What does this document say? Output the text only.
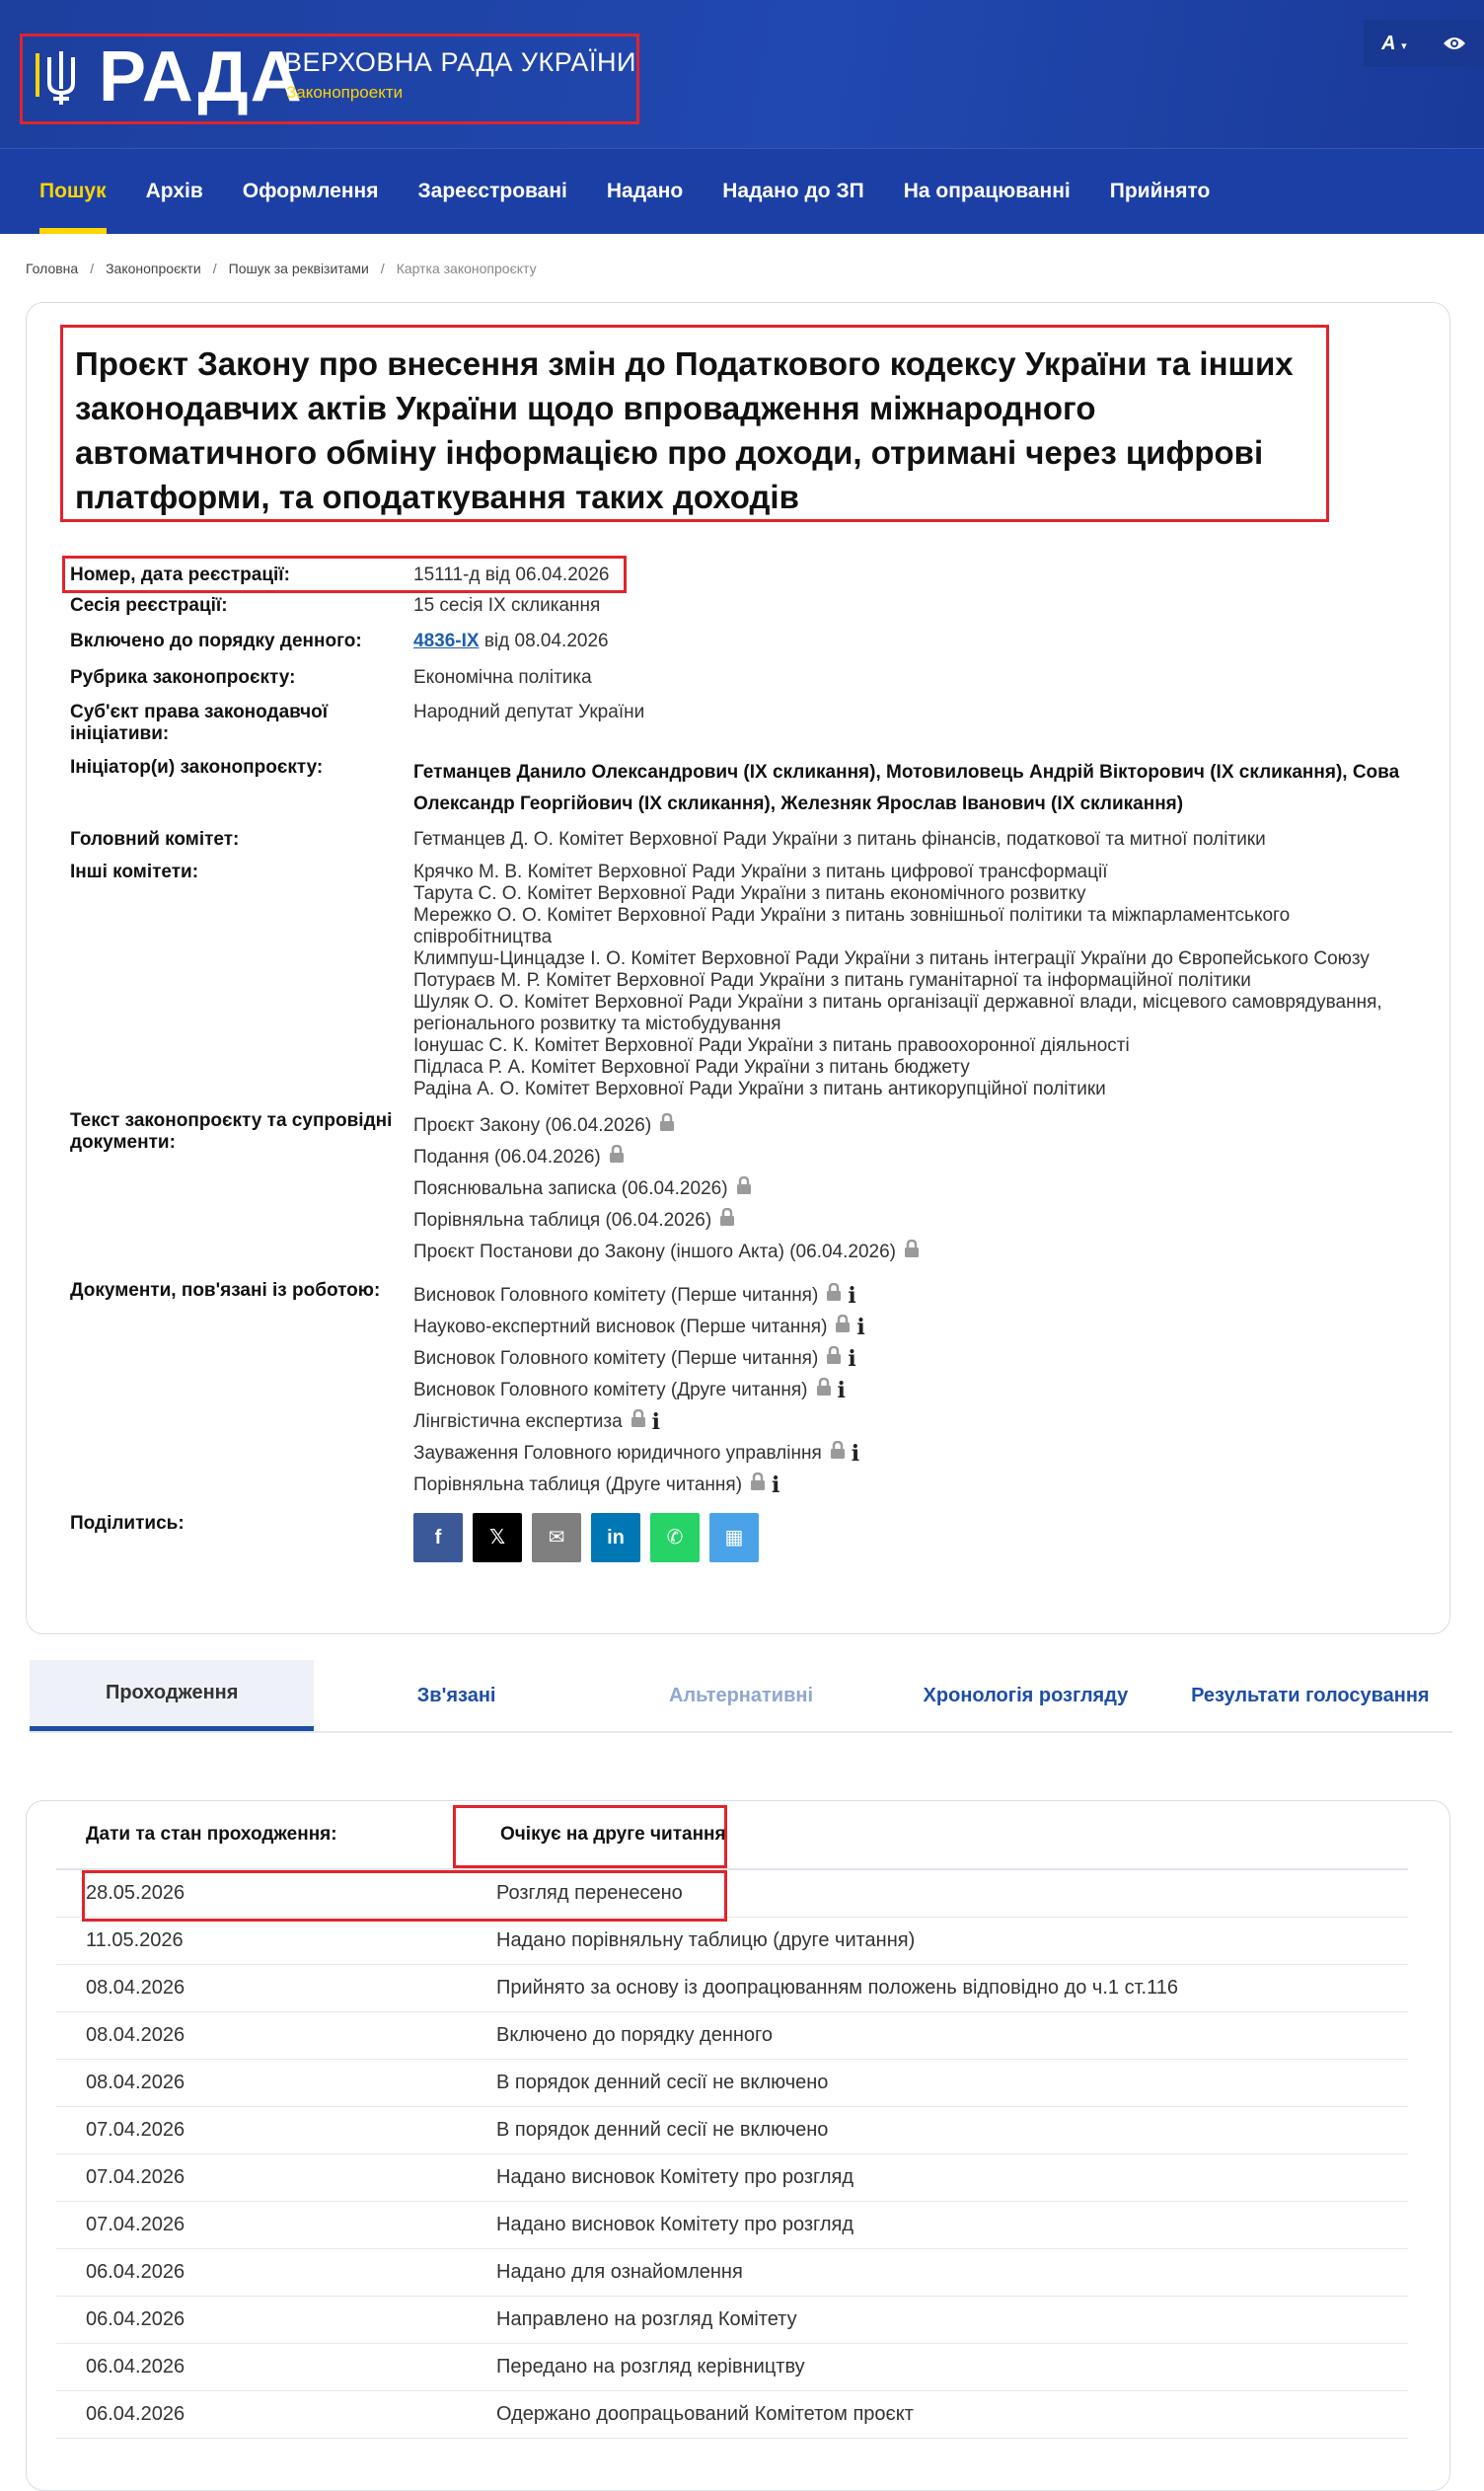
РАДА
ВЕРХОВНА РАДА УКРАЇНИ
Законопроекти
А ▾
Пошук	Архів	Оформлення	Зареєстровані	Надано	Надано до ЗП	На опрацюванні	Прийнято
Головна / Законопроєкти / Пошук за реквізитами / Картка законопроєкту
Проєкт Закону про внесення змін до Податкового кодексу України та інших законодавчих актів України щодо впровадження міжнародного автоматичного обміну інформацією про доходи, отримані через цифрові платформи, та оподаткування таких доходів
Номер, дата реєстрації:	15111-д від 06.04.2026
Сесія реєстрації:	15 сесія IX скликання
Включено до порядку денного:	4836-IX від 08.04.2026
Рубрика законопроєкту:	Економічна політика
Суб'єкт права законодавчої ініціативи:
Народний депутат України
Ініціатор(и) законопроєкту:	Гетманцев Данило Олександрович (IX скликання), Мотовиловець Андрій Вікторович (IX скликання), Сова Олександр Георгійович (IX скликання), Железняк Ярослав Іванович (IX скликання)
Головний комітет:	Гетманцев Д. О. Комітет Верховної Ради України з питань фінансів, податкової та митної політики
Інші комітети:	Крячко М. В. Комітет Верховної Ради України з питань цифрової трансформації
Тарута С. О. Комітет Верховної Ради України з питань економічного розвитку
Мережко О. О. Комітет Верховної Ради України з питань зовнішньої політики та міжпарламентського співробітництва
Климпуш-Цинцадзе І. О. Комітет Верховної Ради України з питань інтеграції України до Європейського Союзу
Потураєв М. Р. Комітет Верховної Ради України з питань гуманітарної та інформаційної політики
Шуляк О. О. Комітет Верховної Ради України з питань організації державної влади, місцевого самоврядування, регіонального розвитку та містобудування
Іонушас С. К. Комітет Верховної Ради України з питань правоохоронної діяльності
Підласа Р. А. Комітет Верховної Ради України з питань бюджету
Радіна А. О. Комітет Верховної Ради України з питань антикорупційної політики
Текст законопроєкту та супровідні документи:
Проєкт Закону (06.04.2026)
Подання (06.04.2026)
Пояснювальна записка (06.04.2026)
Порівняльна таблиця (06.04.2026)
Проєкт Постанови до Закону (іншого Акта) (06.04.2026)
Документи, пов'язані із роботою:	Висновок Головного комітету (Перше читання) i
Науково-експертний висновок (Перше читання) i
Висновок Головного комітету (Перше читання) i
Висновок Головного комітету (Друге читання) i
Лінгвістична експертиза i
Зауваження Головного юридичного управління i
Порівняльна таблиця (Друге читання) i
Поділитись:
f 𝕏 ✉ in ✆ ▦
Проходження	Зв'язані	Альтернативні	Хронологія розгляду	Результати голосування
Дати та стан проходження:	Очікує на друге читання
28.05.2026	Розгляд перенесено
11.05.2026	Надано порівняльну таблицю (друге читання)
08.04.2026	Прийнято за основу із доопрацюванням положень відповідно до ч.1 ст.116
08.04.2026	Включено до порядку денного
08.04.2026	В порядок денний сесії не включено
07.04.2026	В порядок денний сесії не включено
07.04.2026	Надано висновок Комітету про розгляд
07.04.2026	Надано висновок Комітету про розгляд
06.04.2026	Надано для ознайомлення
06.04.2026	Направлено на розгляд Комітету
06.04.2026	Передано на розгляд керівництву
06.04.2026	Одержано доопрацьований Комітетом проєкт
